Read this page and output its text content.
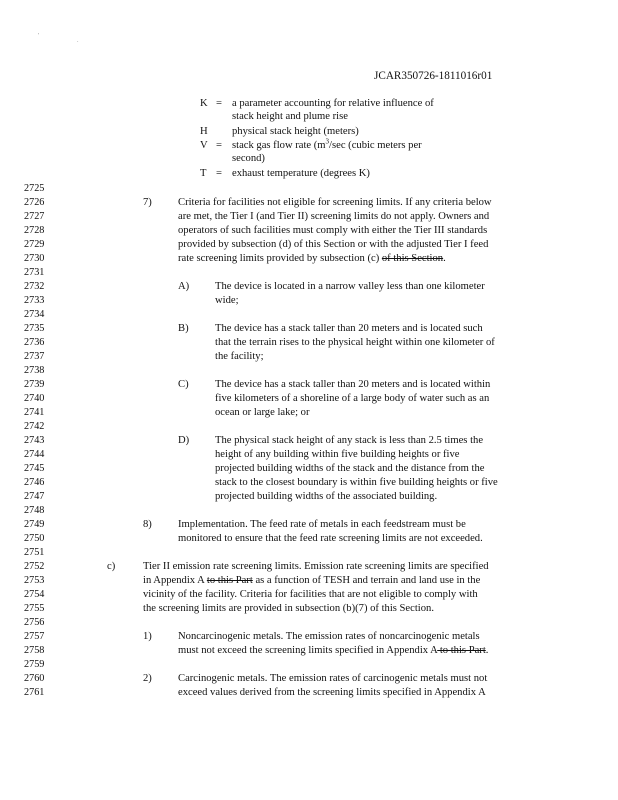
'
.
JCAR350726-1811016r01
K = a parameter accounting for relative influence of
stack height and plume rise
H physical stack height (meters)
V = stack gas flow rate ($m^3/\sec$ (cubic meters per
second)
T = exhaust temperature (degrees K)
2725
2726
2727
2728
2729
2730
2731
2732
2733
2734
2735
2736
2737
2738
2739
2740
2741
2742
2743
2744
2745
2746
2747
2748
2749
2750
2751
2752
2753
2754
2755
2756
2757
2758
2759
2760
2761
7) Criteria for facilities not eligible for screening limits. If any criteria below
are met, the Tier I (and Tier II) screening limits do not apply. Owners and
operators of such facilities must comply with either the Tier III standards
provided by subsection (d) of this Section or with the adjusted Tier I feed
rate screening limits provided by subsection (c) of this Section.
A) The device is located in a narrow valley less than one kilometer
wide;
B) The device has a stack taller than 20 meters and is located such
that the terrain rises to the physical height within one kilometer of
the facility;
C) The device has a stack taller than 20 meters and is located within
five kilometers of a shoreline of a large body of water such as an
ocean or large lake; or
D) The physical stack height of any stack is less than 2.5 times the
height of any building within five building heights or five
projected building widths of the stack and the distance from the
stack to the closest boundary is within five building heights or five
projected building widths of the associated building.
8) Implementation. The feed rate of metals in each feedstream must be
monitored to ensure that the feed rate screening limits are not exceeded.
c)	Tier II emission rate screening limits. Emission rate screening limits are specified
in Appendix A to this Part as a function of TESH and terrain and land use in the
vicinity of the facility. Criteria for facilities that are not eligible to comply with
the screening limits are provided in subsection (b)(7) of this Section.
1) Noncarcinogenic metals. The emission rates of noncarcinogenic metals
must not exceed the screening limits specified in Appendix A to this Part.
2) Carcinogenic metals. The emission rates of carcinogenic metals must not
exceed values derived from the screening limits specified in Appendix A
